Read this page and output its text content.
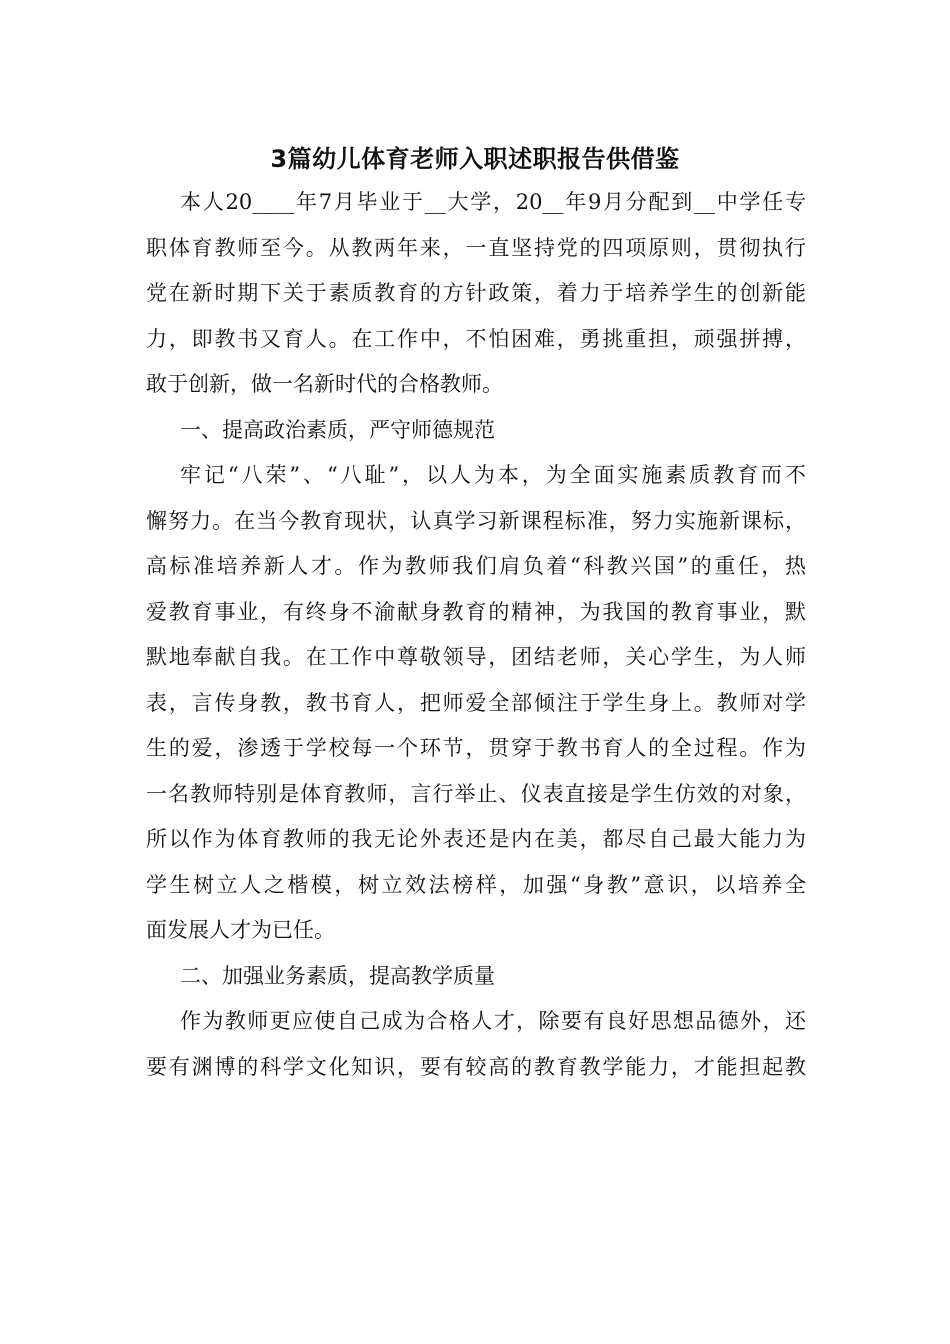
3篇幼儿体育老师入职述职报告供借鉴
本人20____年7月毕业于__大学，20__年9月分配到__中学任专
职体育教师至今。从教两年来，一直坚持党的四项原则，贯彻执行
党在新时期下关于素质教育的方针政策，着力于培养学生的创新能
力，即教书又育人。在工作中，不怕困难，勇挑重担，顽强拼搏，
敢于创新，做一名新时代的合格教师。
一、提高政治素质，严守师德规范
牢记“八荣”、“八耻”，以人为本，为全面实施素质教育而不
懈努力。在当今教育现状，认真学习新课程标准，努力实施新课标，
高标准培养新人才。作为教师我们肩负着“科教兴国”的重任，热
爱教育事业，有终身不渝献身教育的精神，为我国的教育事业，默
默地奉献自我。在工作中尊敬领导，团结老师，关心学生，为人师
表，言传身教，教书育人，把师爱全部倾注于学生身上。教师对学
生的爱，渗透于学校每一个环节，贯穿于教书育人的全过程。作为
一名教师特别是体育教师，言行举止、仪表直接是学生仿效的对象，
所以作为体育教师的我无论外表还是内在美，都尽自己最大能力为
学生树立人之楷模，树立效法榜样，加强“身教”意识，以培养全
面发展人才为已任。
二、加强业务素质，提高教学质量
作为教师更应使自己成为合格人才，除要有良好思想品德外，还
要有渊博的科学文化知识，要有较高的教育教学能力，才能担起教
